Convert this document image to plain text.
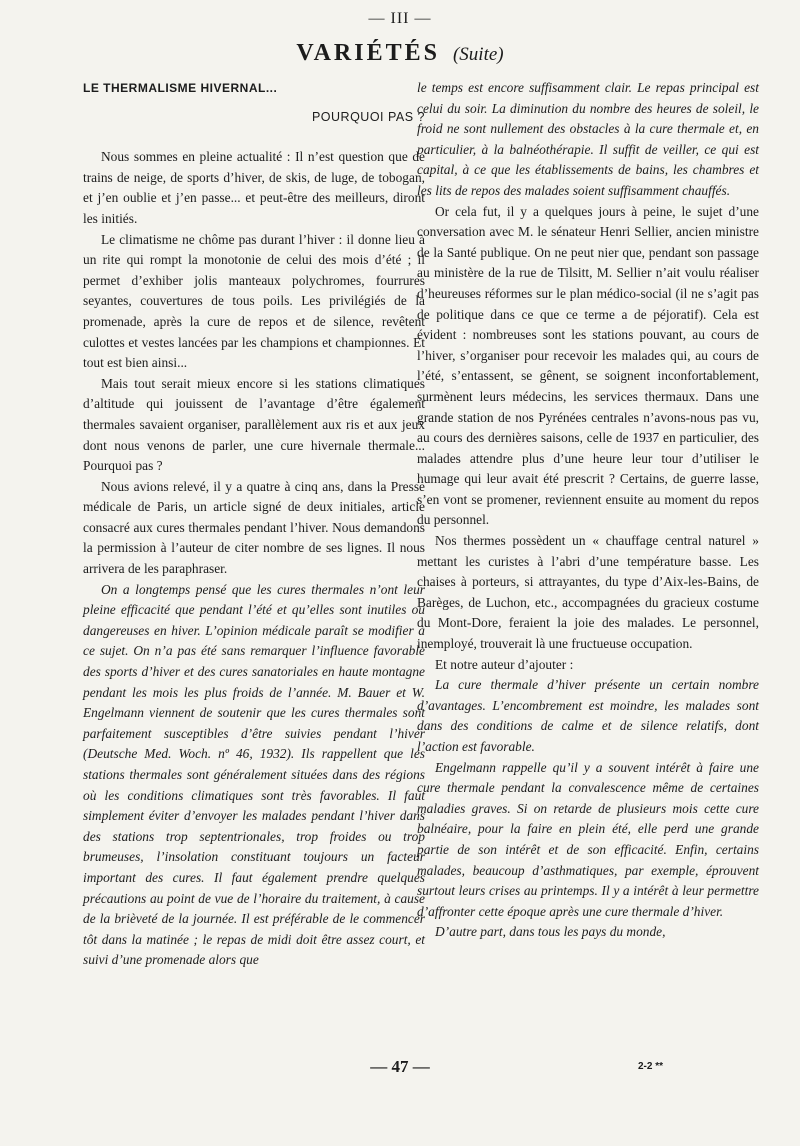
— III —
VARIÉTÉS (Suite)
LE THERMALISME HIVERNAL...
POURQUOI PAS ?

Nous sommes en pleine actualité : Il n’est question que de trains de neige, de sports d’hiver, de skis, de luge, de tobogan, et j’en oublie et j’en passe... et peut-être des meilleurs, diront les initiés.

Le climatisme ne chôme pas durant l’hiver : il donne lieu à un rite qui rompt la monotonie de celui des mois d’été ; il permet d’exhiber jolis manteaux polychromes, fourrures seyantes, couvertures de tous poils. Les privilégiés de la promenade, après la cure de repos et de silence, revêtent culottes et vestes lancées par les champions et championnes. Et tout est bien ainsi...

Mais tout serait mieux encore si les stations climatiques d’altitude qui jouissent de l’avantage d’être également thermales savaient organiser, parallèlement aux ris et aux jeux dont nous venons de parler, une cure hivernale thermale... Pourquoi pas ?

Nous avions relevé, il y a quatre à cinq ans, dans la Presse médicale de Paris, un article signé de deux initiales, article consacré aux cures thermales pendant l’hiver. Nous demandons la permission à l’auteur de citer nombre de ses lignes. Il nous arrivera de les paraphraser.

On a longtemps pensé que les cures thermales n’ont leur pleine efficacité que pendant l’été et qu’elles sont inutiles ou dangereuses en hiver. L’opinion médicale paraît se modifier à ce sujet. On n’a pas été sans remarquer l’influence favorable des sports d’hiver et des cures sanatoriales en haute montagne pendant les mois les plus froids de l’année. M. Bauer et W. Engelmann viennent de soutenir que les cures thermales sont parfaitement susceptibles d’être suivies pendant l’hiver (Deutsche Med. Woch. nº 46, 1932). Ils rappellent que les stations thermales sont généralement situées dans des régions où les conditions climatiques sont très favorables. Il faut simplement éviter d’envoyer les malades pendant l’hiver dans des stations trop septentrionales, trop froides ou trop brumeuses, l’insolation constituant toujours un facteur important des cures. Il faut également prendre quelques précautions au point de vue de l’horaire du traitement, à cause de la brièveté de la journée. Il est préférable de le commencer tôt dans la matinée ; le repas de midi doit être assez court, et suivi d’une promenade alors que

le temps est encore suffisamment clair. Le repas principal est celui du soir. La diminution du nombre des heures de soleil, le froid ne sont nullement des obstacles à la cure thermale et, en particulier, à la balnéothérapie. Il suffit de veiller, ce qui est capital, à ce que les établissements de bains, les chambres et les lits de repos des malades soient suffisamment chauffés.

Or cela fut, il y a quelques jours à peine, le sujet d’une conversation avec M. le sénateur Henri Sellier, ancien ministre de la Santé publique. On ne peut nier que, pendant son passage au ministère de la rue de Tilsitt, M. Sellier n’ait voulu réaliser d’heureuses réformes sur le plan médico-social (il ne s’agit pas de politique dans ce que ce terme a de péjoratif). Cela est évident : nombreuses sont les stations pouvant, au cours de l’hiver, s’organiser pour recevoir les malades qui, au cours de l’été, s’entassent, se gênent, se soignent inconfortablement, surmènent leurs médecins, les services thermaux. Dans une grande station de nos Pyrénées centrales n’avons-nous pas vu, au cours des dernières saisons, celle de 1937 en particulier, des malades attendre plus d’une heure leur tour d’utiliser le humage qui leur avait été prescrit ? Certains, de guerre lasse, s’en vont se promener, reviennent ensuite au moment du repos du personnel.

Nos thermes possèdent un « chauffage central naturel » mettant les curistes à l’abri d’une température basse. Les chaises à porteurs, si attrayantes, du type d’Aix-les-Bains, de Barèges, de Luchon, etc., accompagnées du gracieux costume du Mont-Dore, feraient la joie des malades. Le personnel, inemployé, trouverait là une fructueuse occupation.

Et notre auteur d’ajouter :

La cure thermale d’hiver présente un certain nombre d’avantages. L’encombrement est moindre, les malades sont dans des conditions de calme et de silence relatifs, dont l’action est favorable.

Engelmann rappelle qu’il y a souvent intérêt à faire une cure thermale pendant la convalescence même de certaines maladies graves. Si on retarde de plusieurs mois cette cure balnéaire, pour la faire en plein été, elle perd une grande partie de son intérêt et de son efficacité. Enfin, certains malades, beaucoup d’asthmatiques, par exemple, éprouvent surtout leurs crises au printemps. Il y a intérêt à leur permettre d’affronter cette époque après une cure thermale d’hiver.

D’autre part, dans tous les pays du monde,

— 47 —	2-2 **
